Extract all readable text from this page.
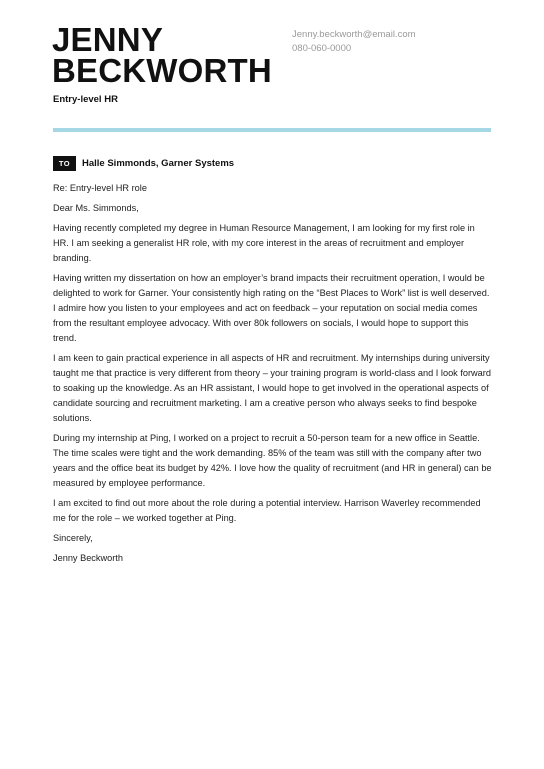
JENNY
BECKWORTH
Entry-level HR
Jenny.beckworth@email.com
080-060-0000
TO	Halle Simmonds, Garner Systems

Re: Entry-level HR role

Dear Ms. Simmonds,

Having recently completed my degree in Human Resource Management, I am looking for my first role in HR. I am seeking a generalist HR role, with my core interest in the areas of recruitment and employer branding.

Having written my dissertation on how an employer’s brand impacts their recruitment operation, I would be delighted to work for Garner. Your consistently high rating on the “Best Places to Work” list is well deserved. I admire how you listen to your employees and act on feedback – your reputation on social media comes from the resultant employee advocacy. With over 80k followers on socials, I would hope to support this trend.

I am keen to gain practical experience in all aspects of HR and recruitment. My internships during university taught me that practice is very different from theory – your training program is world-class and I look forward to soaking up the knowledge. As an HR assistant, I would hope to get involved in the operational aspects of candidate sourcing and recruitment marketing. I am a creative person who always seeks to find bespoke solutions.

During my internship at Ping, I worked on a project to recruit a 50-person team for a new office in Seattle. The time scales were tight and the work demanding. 85% of the team was still with the company after two years and the office beat its budget by 42%. I love how the quality of recruitment (and HR in general) can be measured by employee performance.

I am excited to find out more about the role during a potential interview. Harrison Waverley recommended me for the role – we worked together at Ping.

Sincerely,

Jenny Beckworth
